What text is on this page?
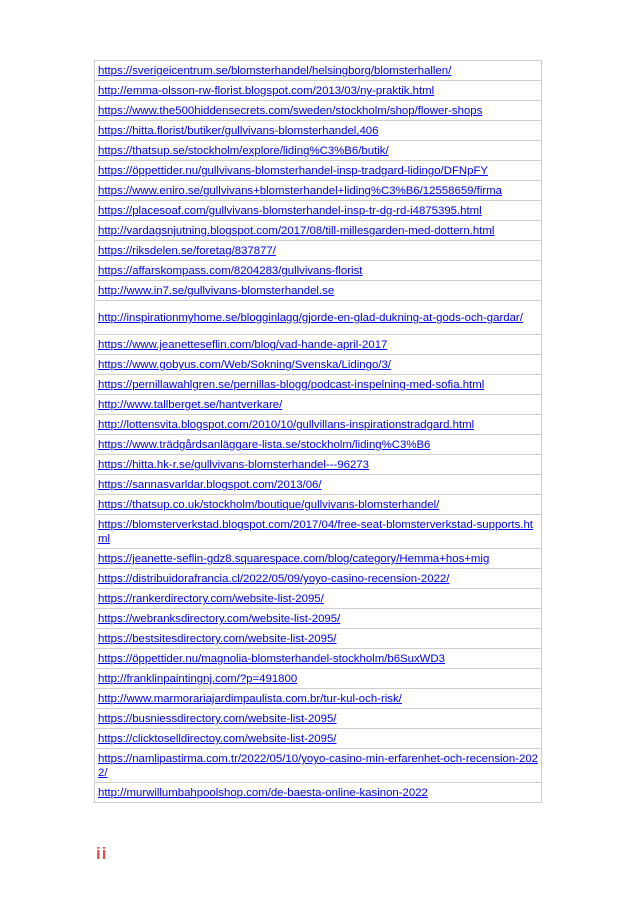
https://sverigeicentrum.se/blomsterhandel/helsingborg/blomsterhallen/
http://emma-olsson-rw-florist.blogspot.com/2013/03/ny-praktik.html
https://www.the500hiddensecrets.com/sweden/stockholm/shop/flower-shops
https://hitta.florist/butiker/gullvivans-blomsterhandel,406
https://thatsup.se/stockholm/explore/liding%C3%B6/butik/
https://öppettider.nu/gullvivans-blomsterhandel-insp-tradgard-lidingo/DFNpFY
https://www.eniro.se/gullvivans+blomsterhandel+liding%C3%B6/12558659/firma
https://placesoaf.com/gullvivans-blomsterhandel-insp-tr-dg-rd-i4875395.html
http://vardagsnjutning.blogspot.com/2017/08/till-millesgarden-med-dottern.html
https://riksdelen.se/foretag/837877/
https://affarskompass.com/8204283/gullvivans-florist
http://www.in7.se/gullvivans-blomsterhandel.se
http://inspirationmyhome.se/blogginlagg/gjorde-en-glad-dukning-at-gods-och-gardar/
https://www.jeanetteseflin.com/blog/vad-hande-april-2017
https://www.gobyus.com/Web/Sokning/Svenska/Lidingo/3/
https://pernillawahlgren.se/pernillas-blogg/podcast-inspelning-med-sofia.html
http://www.tallberget.se/hantverkare/
http://lottensvita.blogspot.com/2010/10/gullvillans-inspirationstradgard.html
https://www.trädgårdsanläggare-lista.se/stockholm/liding%C3%B6
https://hitta.hk-r.se/gullvivans-blomsterhandel---96273
https://sannasvarldar.blogspot.com/2013/06/
https://thatsup.co.uk/stockholm/boutique/gullvivans-blomsterhandel/
https://blomsterverkstad.blogspot.com/2017/04/free-seat-blomsterverkstad-supports.html
https://jeanette-seflin-gdz8.squarespace.com/blog/category/Hemma+hos+mig
https://distribuidorafrancia.cl/2022/05/09/yoyo-casino-recension-2022/
https://rankerdirectory.com/website-list-2095/
https://webranksdirectory.com/website-list-2095/
https://bestsitesdirectory.com/website-list-2095/
https://öppettider.nu/magnolia-blomsterhandel-stockholm/b6SuxWD3
http://franklinpaintingnj.com/?p=491800
http://www.marmorariajardimpaulista.com.br/tur-kul-och-risk/
https://busniessdirectory.com/website-list-2095/
https://clicktoselldirectoy.com/website-list-2095/
https://namlipastirma.com.tr/2022/05/10/yoyo-casino-min-erfarenhet-och-recension-2022/
http://murwillumbahpoolshop.com/de-baesta-online-kasinon-2022
ii
